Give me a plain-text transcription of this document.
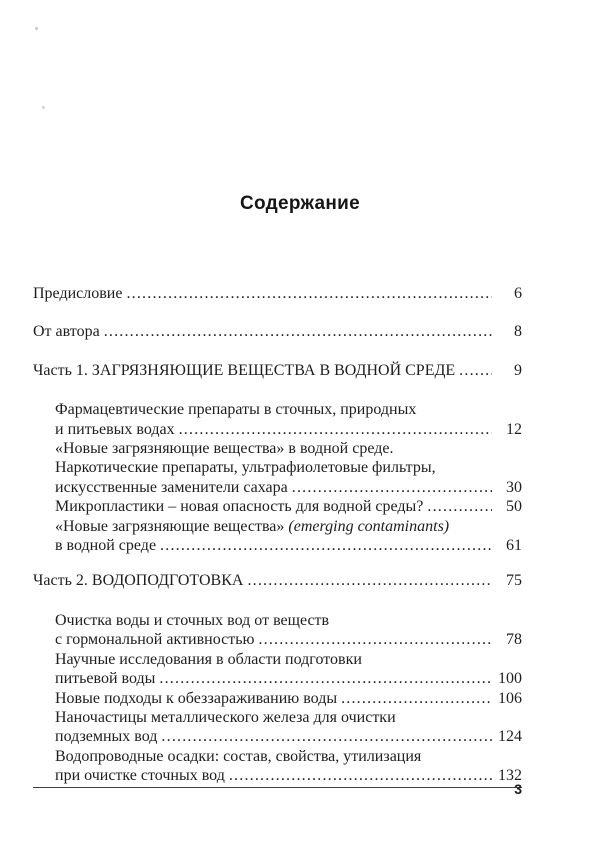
Содержание
Предисловие .....	6
От автора .....	8
Часть 1. ЗАГРЯЗНЯЮЩИЕ ВЕЩЕСТВА В ВОДНОЙ СРЕДЕ .....	9
Фармацевтические препараты в сточных, природных
и питьевых водах .....	12
«Новые загрязняющие вещества» в водной среде.
Наркотические препараты, ультрафиолетовые фильтры,
искусственные заменители сахара .....	30
Микропластики – новая опасность для водной среды? .....	50
«Новые загрязняющие вещества» (emerging contaminants)
в водной среде .....	61
Часть 2. ВОДОПОДГОТОВКА .....	75
Очистка воды и сточных вод от веществ
с гормональной активностью .....	78
Научные исследования в области подготовки
питьевой воды .....	100
Новые подходы к обеззараживанию воды .....	106
Наночастицы металлического железа для очистки
подземных вод .....	124
Водопроводные осадки: состав, свойства, утилизация
при очистке сточных вод .....	132
3
